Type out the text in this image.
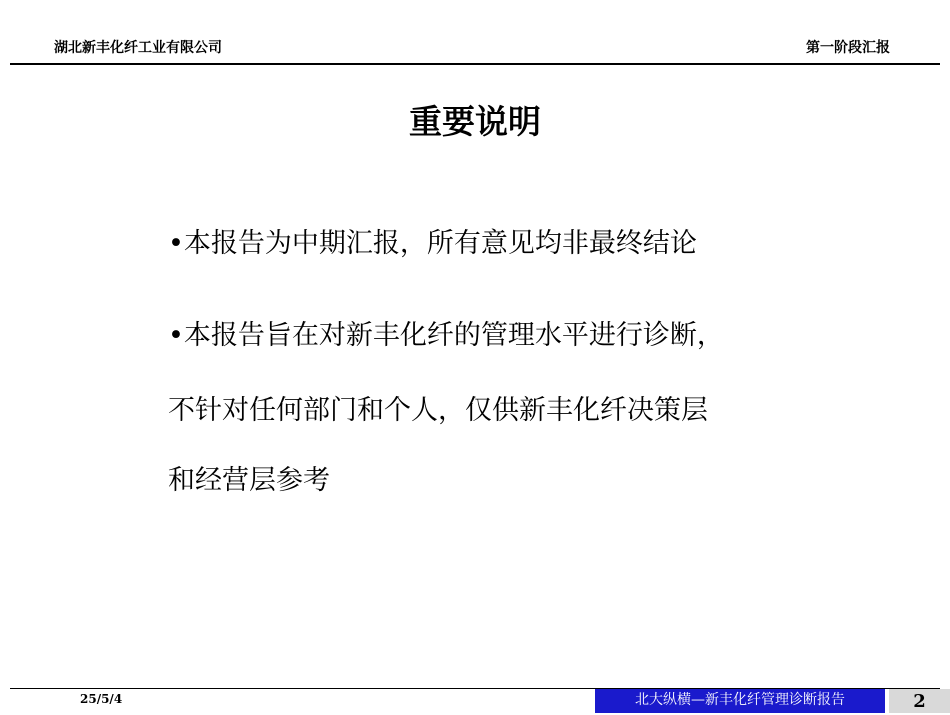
湖北新丰化纤工业有限公司	第一阶段汇报
重要说明
•本报告为中期汇报，所有意见均非最终结论
•本报告旨在对新丰化纤的管理水平进行诊断，
不针对任何部门和个人，仅供新丰化纤决策层
和经营层参考
25/5/4	北大纵横—新丰化纤管理诊断报告	2
